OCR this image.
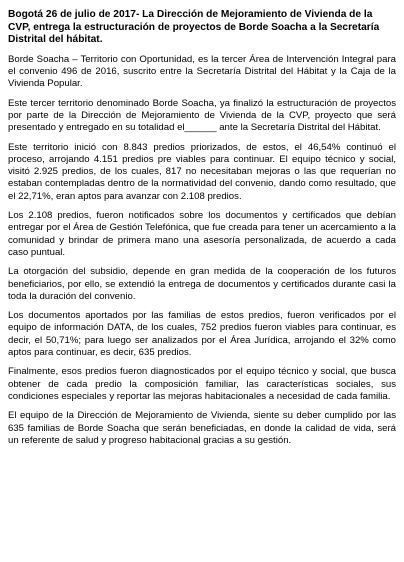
Bogotá 26 de julio de 2017- La Dirección de Mejoramiento de Vivienda de la CVP, entrega la estructuración de proyectos de Borde Soacha a la Secretaría Distrital del hábitat.

Borde Soacha – Territorio con Oportunidad, es la tercer Área de Intervención Integral para el convenio 496 de 2016, suscrito entre la Secretaría Distrital del Hábitat y la Caja de la Vivienda Popular.

Este tercer territorio denominado Borde Soacha, ya finalizó la estructuración de proyectos por parte de la Dirección de Mejoramiento de Vivienda de la CVP, proyecto que será presentado y entregado en su totalidad el______ ante la Secretaría Distrital del Hábitat.

Este territorio inició con 8.843 predios priorizados, de estos, el 46,54% continuó el proceso, arrojando 4.151 predios pre viables para continuar. El equipo técnico y social, visitó 2.925 predios, de los cuales, 817 no necesitaban mejoras o las que requerían no estaban contempladas dentro de la normatividad del convenio, dando como resultado, que el 22,71%, eran aptos para avanzar con 2.108 predios.

Los 2.108 predios, fueron notificados sobre los documentos y certificados que debían entregar por el Área de Gestión Telefónica, que fue creada para tener un acercamiento a la comunidad y brindar de primera mano una asesoría personalizada, de acuerdo a cada caso puntual.

La otorgación del subsidio, depende en gran medida de la cooperación de los futuros beneficiarios, por ello, se extendió la entrega de documentos y certificados durante casi la toda la duración del convenio.

Los documentos aportados por las familias de estos predios, fueron verificados por el equipo de información DATA, de los cuales, 752 predios fueron viables para continuar, es decir, el 50,71%; para luego ser analizados por el Área Jurídica, arrojando el 32% como aptos para continuar, es decir, 635 predios.

Finalmente, esos predios fueron diagnosticados por el equipo técnico y social, que busca obtener de cada predio la composición familiar, las características sociales, sus condiciones especiales y reportar las mejoras habitacionales a necesidad de cada familia.

El equipo de la Dirección de Mejoramiento de Vivienda, siente su deber cumplido por las 635 familias de Borde Soacha que serán beneficiadas, en donde la calidad de vida, será un referente de salud y progreso habitacional gracias a su gestión.
